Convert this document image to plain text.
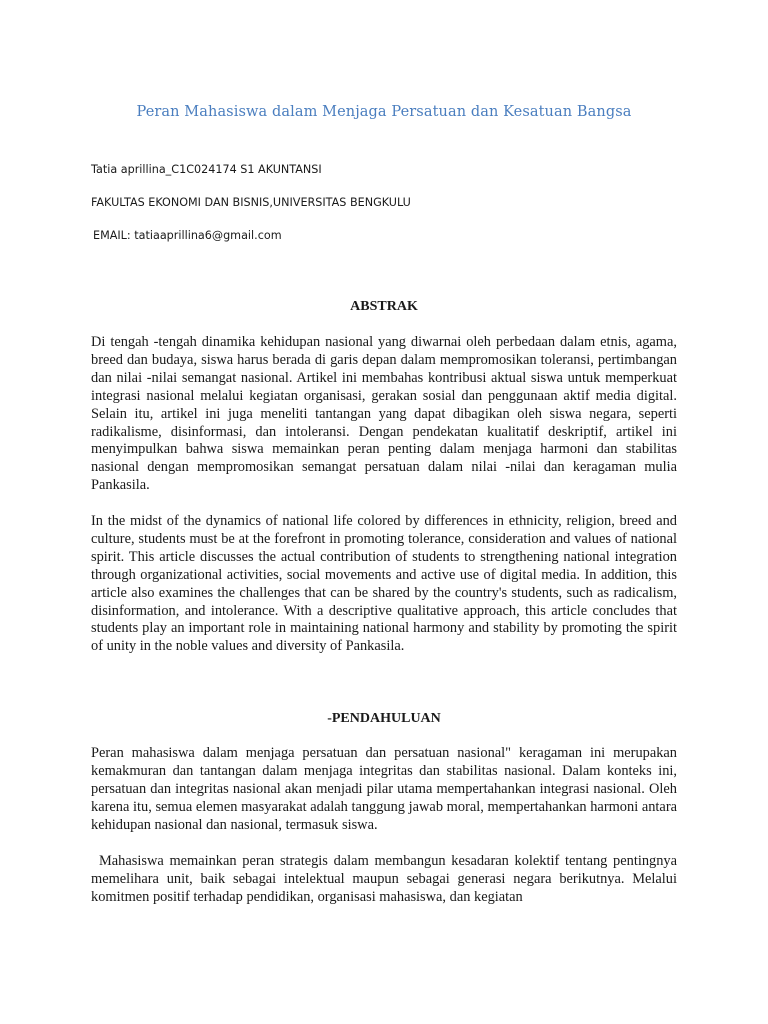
Peran Mahasiswa dalam Menjaga Persatuan dan Kesatuan Bangsa
Tatia aprillina_C1C024174 S1 AKUNTANSI
FAKULTAS EKONOMI DAN BISNIS,UNIVERSITAS BENGKULU
EMAIL: tatiaaprillina6@gmail.com
ABSTRAK
Di tengah -tengah dinamika kehidupan nasional yang diwarnai oleh perbedaan dalam etnis, agama, breed dan budaya, siswa harus berada di garis depan dalam mempromosikan toleransi, pertimbangan dan nilai -nilai semangat nasional. Artikel ini membahas kontribusi aktual siswa untuk memperkuat integrasi nasional melalui kegiatan organisasi, gerakan sosial dan penggunaan aktif media digital. Selain itu, artikel ini juga meneliti tantangan yang dapat dibagikan oleh siswa negara, seperti radikalisme, disinformasi, dan intoleransi. Dengan pendekatan kualitatif deskriptif, artikel ini menyimpulkan bahwa siswa memainkan peran penting dalam menjaga harmoni dan stabilitas nasional dengan mempromosikan semangat persatuan dalam nilai -nilai dan keragaman mulia Pankasila.
In the midst of the dynamics of national life colored by differences in ethnicity, religion, breed and culture, students must be at the forefront in promoting tolerance, consideration and values of national spirit. This article discusses the actual contribution of students to strengthening national integration through organizational activities, social movements and active use of digital media. In addition, this article also examines the challenges that can be shared by the country's students, such as radicalism, disinformation, and intolerance. With a descriptive qualitative approach, this article concludes that students play an important role in maintaining national harmony and stability by promoting the spirit of unity in the noble values and diversity of Pankasila.
-PENDAHULUAN
Peran mahasiswa dalam menjaga persatuan dan persatuan nasional" keragaman ini merupakan kemakmuran dan tantangan dalam menjaga integritas dan stabilitas nasional. Dalam konteks ini, persatuan dan integritas nasional akan menjadi pilar utama mempertahankan integrasi nasional. Oleh karena itu, semua elemen masyarakat adalah tanggung jawab moral, mempertahankan harmoni antara kehidupan nasional dan nasional, termasuk siswa.
Mahasiswa memainkan peran strategis dalam membangun kesadaran kolektif tentang pentingnya memelihara unit, baik sebagai intelektual maupun sebagai generasi negara berikutnya. Melalui komitmen positif terhadap pendidikan, organisasi mahasiswa, dan kegiatan
